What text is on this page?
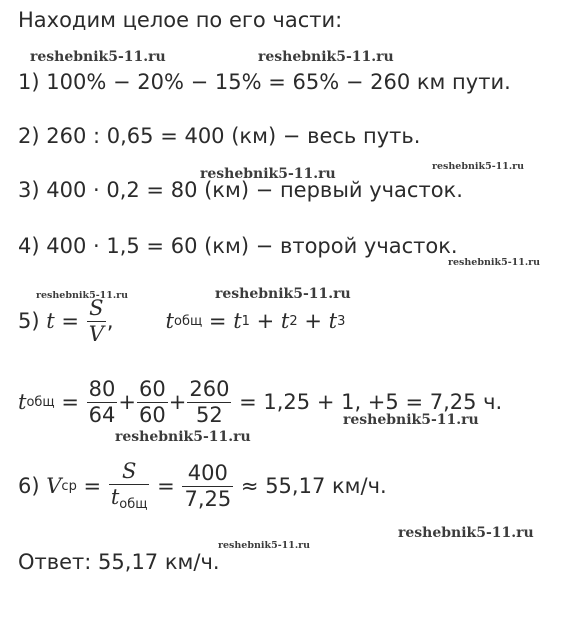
Находим целое по его части:
reshebnik5-11.ru	reshebnik5-11.ru
reshebnik5-11.ru	reshebnik5-11.ru
reshebnik5-11.ru
reshebnik5-11.ru	reshebnik5-11.ru
reshebnik5-11.ru
reshebnik5-11.ru
reshebnik5-11.ru
reshebnik5-11.ru
1) 100% − 20% − 15% = 65% − 260 км пути.
2) 260 : 0,65 = 400 (км) − весь путь.
3) 400 · 0,2 = 80 (км) − первый участок.
4) 400 · 1,5 = 60 (км) − второй участок.
5)
t
=
$\frac{S}{V}$ , t общ
=
t 1
+
t 2
+
t 3
t общ
=
$\frac{80}{64} + \frac{60}{60} + \frac{260}{52}$
= 1,25 + 1, +5 = 7,25 ч.
6)
V ср
=
$\frac{S}{t_{общ}}$
=
$\frac{400}{7,25}$
≈ 55,17 км/ч.
Ответ: 55,17 км/ч.
